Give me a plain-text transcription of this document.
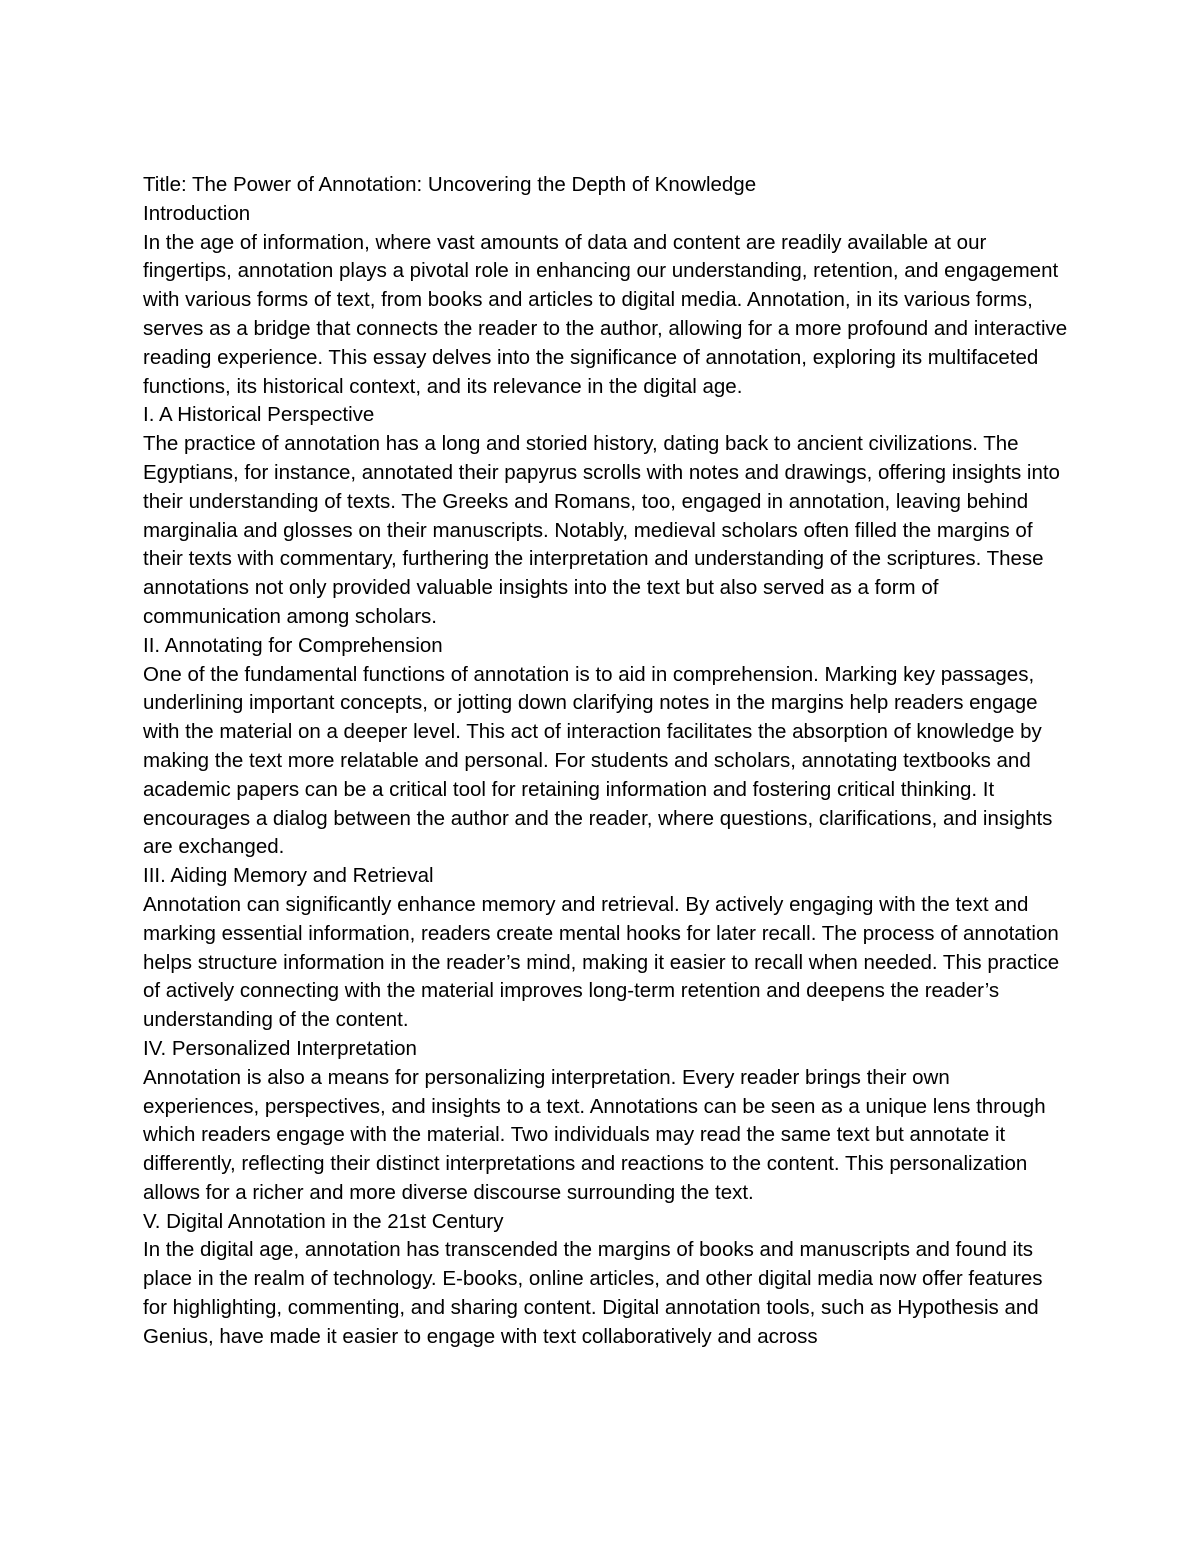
Title: The Power of Annotation: Uncovering the Depth of Knowledge

Introduction

In the age of information, where vast amounts of data and content are readily available at our fingertips, annotation plays a pivotal role in enhancing our understanding, retention, and engagement with various forms of text, from books and articles to digital media. Annotation, in its various forms, serves as a bridge that connects the reader to the author, allowing for a more profound and interactive reading experience. This essay delves into the significance of annotation, exploring its multifaceted functions, its historical context, and its relevance in the digital age.

I. A Historical Perspective

The practice of annotation has a long and storied history, dating back to ancient civilizations. The Egyptians, for instance, annotated their papyrus scrolls with notes and drawings, offering insights into their understanding of texts. The Greeks and Romans, too, engaged in annotation, leaving behind marginalia and glosses on their manuscripts. Notably, medieval scholars often filled the margins of their texts with commentary, furthering the interpretation and understanding of the scriptures. These annotations not only provided valuable insights into the text but also served as a form of communication among scholars.

II. Annotating for Comprehension

One of the fundamental functions of annotation is to aid in comprehension. Marking key passages, underlining important concepts, or jotting down clarifying notes in the margins help readers engage with the material on a deeper level. This act of interaction facilitates the absorption of knowledge by making the text more relatable and personal. For students and scholars, annotating textbooks and academic papers can be a critical tool for retaining information and fostering critical thinking. It encourages a dialog between the author and the reader, where questions, clarifications, and insights are exchanged.

III. Aiding Memory and Retrieval

Annotation can significantly enhance memory and retrieval. By actively engaging with the text and marking essential information, readers create mental hooks for later recall. The process of annotation helps structure information in the reader’s mind, making it easier to recall when needed. This practice of actively connecting with the material improves long-term retention and deepens the reader’s understanding of the content.

IV. Personalized Interpretation

Annotation is also a means for personalizing interpretation. Every reader brings their own experiences, perspectives, and insights to a text. Annotations can be seen as a unique lens through which readers engage with the material. Two individuals may read the same text but annotate it differently, reflecting their distinct interpretations and reactions to the content. This personalization allows for a richer and more diverse discourse surrounding the text.

V. Digital Annotation in the 21st Century

In the digital age, annotation has transcended the margins of books and manuscripts and found its place in the realm of technology. E-books, online articles, and other digital media now offer features for highlighting, commenting, and sharing content. Digital annotation tools, such as Hypothesis and Genius, have made it easier to engage with text collaboratively and across
